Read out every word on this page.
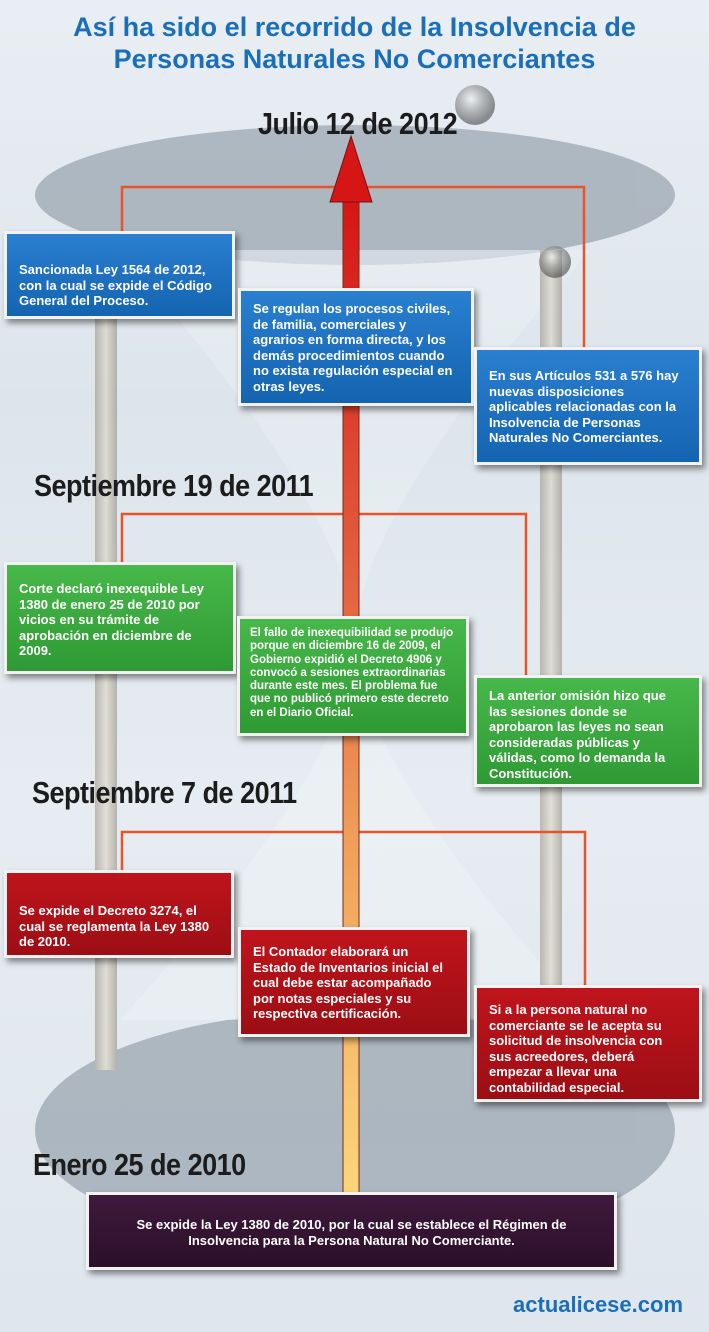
Así ha sido el recorrido de la Insolvencia de
Personas Naturales No Comerciantes
Julio 12 de 2012
Septiembre 19 de 2011
Septiembre 7 de 2011
Enero 25 de 2010
Sancionada Ley 1564 de 2012, con la cual se expide el Código General del Proceso.
Se regulan los procesos civiles, de familia, comerciales y agrarios en forma directa, y los demás procedimientos cuando no exista regulación especial en otras leyes.
En sus Artículos 531 a 576 hay nuevas disposiciones aplicables relacionadas con la Insolvencia de Personas Naturales No Comerciantes.
Corte declaró inexequible Ley 1380 de enero 25 de 2010 por vicios en su trámite de aprobación en diciembre de 2009.
El fallo de inexequibilidad se produjo porque en diciembre 16 de 2009, el Gobierno expidió el Decreto 4906 y convocó a sesiones extraordinarias durante este mes. El problema fue que no publicó primero este decreto en el Diario Oficial.
La anterior omisión hizo que las sesiones donde se aprobaron las leyes no sean consideradas públicas y válidas, como lo demanda la Constitución.
Se expide el Decreto 3274, el cual se reglamenta la Ley 1380 de 2010.
El Contador elaborará un Estado de Inventarios inicial el cual debe estar acompañado por notas especiales y su respectiva certificación.	Si a la persona natural no comerciante se le acepta su solicitud de insolvencia con sus acreedores, deberá empezar a llevar una contabilidad especial.
Se expide la Ley 1380 de 2010, por la cual se establece el Régimen de Insolvencia para la Persona Natural No Comerciante.
actualicese.com
